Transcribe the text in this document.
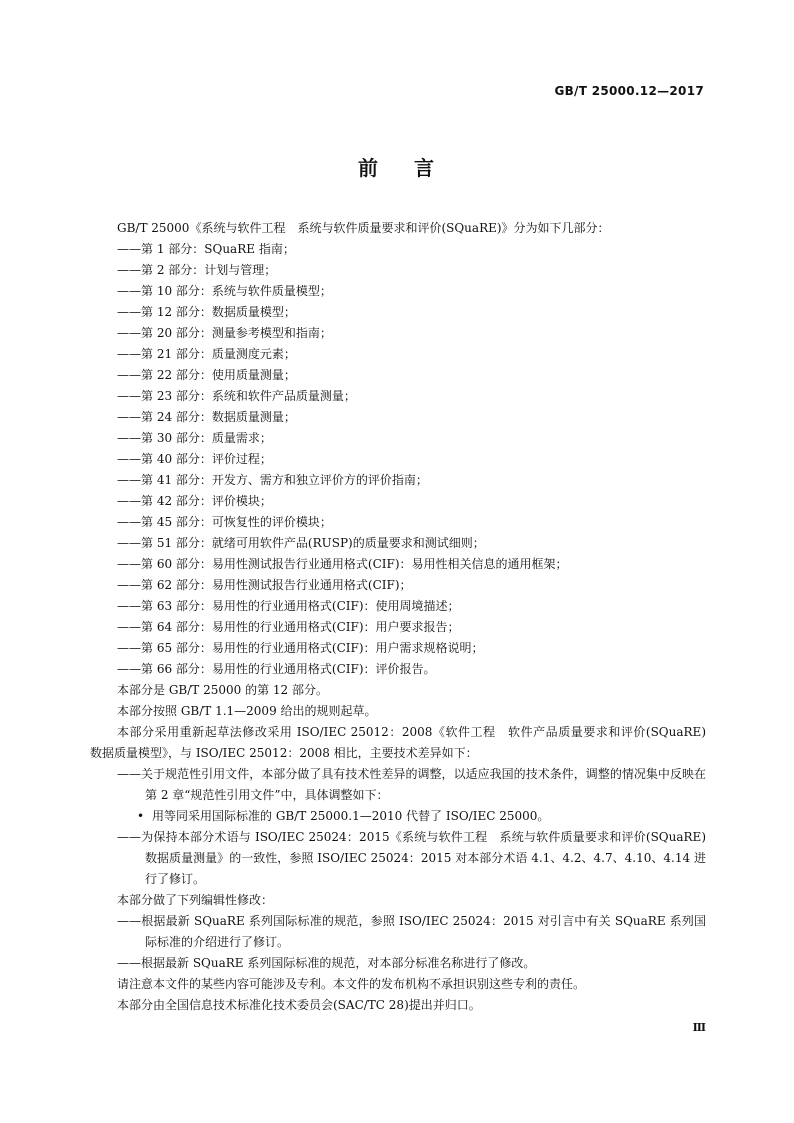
GB/T 25000.12—2017
前 言

GB/T 25000《系统与软件工程　系统与软件质量要求和评价(SQuaRE)》分为如下几部分：

——第 1 部分：SQuaRE 指南；

——第 2 部分：计划与管理；

——第 10 部分：系统与软件质量模型；

——第 12 部分：数据质量模型；

——第 20 部分：测量参考模型和指南；

——第 21 部分：质量测度元素；

——第 22 部分：使用质量测量；

——第 23 部分：系统和软件产品质量测量；

——第 24 部分：数据质量测量；

——第 30 部分：质量需求；

——第 40 部分：评价过程；

——第 41 部分：开发方、需方和独立评价方的评价指南；

——第 42 部分：评价模块；

——第 45 部分：可恢复性的评价模块；

——第 51 部分：就绪可用软件产品(RUSP)的质量要求和测试细则；

——第 60 部分：易用性测试报告行业通用格式(CIF)：易用性相关信息的通用框架；

——第 62 部分：易用性测试报告行业通用格式(CIF)；

——第 63 部分：易用性的行业通用格式(CIF)：使用周境描述；

——第 64 部分：易用性的行业通用格式(CIF)：用户要求报告；

——第 65 部分：易用性的行业通用格式(CIF)：用户需求规格说明；

——第 66 部分：易用性的行业通用格式(CIF)：评价报告。

本部分是 GB/T 25000 的第 12 部分。

本部分按照 GB/T 1.1—2009 给出的规则起草。

本部分采用重新起草法修改采用 ISO/IEC 25012：2008《软件工程　软件产品质量要求和评价(SQuaRE)　数据质量模型》，与 ISO/IEC 25012：2008 相比，主要技术差异如下：

——关于规范性引用文件，本部分做了具有技术性差异的调整，以适应我国的技术条件，调整的情况集中反映在第 2 章“规范性引用文件”中，具体调整如下：

• 用等同采用国际标准的 GB/T 25000.1—2010 代替了 ISO/IEC 25000。

——为保持本部分术语与 ISO/IEC 25024：2015《系统与软件工程　系统与软件质量要求和评价(SQuaRE)　数据质量测量》的一致性，参照 ISO/IEC 25024：2015 对本部分术语 4.1、4.2、4.7、4.10、4.14 进行了修订。

本部分做了下列编辑性修改：

——根据最新 SQuaRE 系列国际标准的规范，参照 ISO/IEC 25024：2015 对引言中有关 SQuaRE 系列国际标准的介绍进行了修订。

——根据最新 SQuaRE 系列国际标准的规范，对本部分标准名称进行了修改。

请注意本文件的某些内容可能涉及专利。本文件的发布机构不承担识别这些专利的责任。

本部分由全国信息技术标准化技术委员会(SAC/TC 28)提出并归口。

Ⅲ
